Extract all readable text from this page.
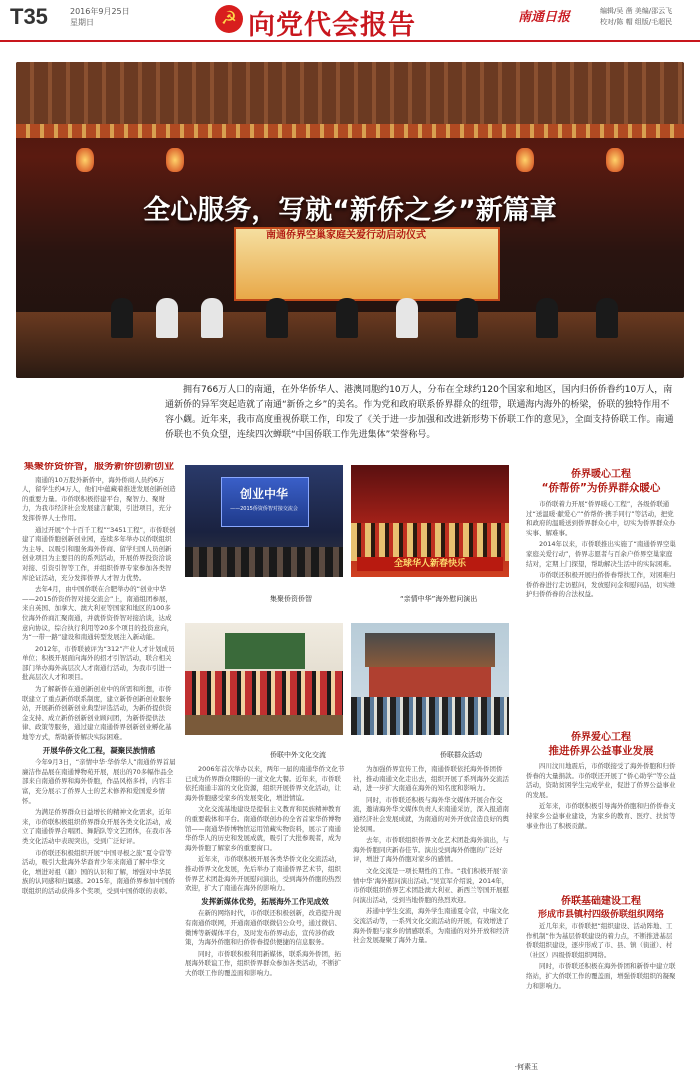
T35	2016年9月25日
星期日	☭ 向党代会报告	南通日报	编辑/吴 凿 美编/邵云飞
校对/陈 帽 组版/毛超民
全心服务，写就“新侨之乡”新篇章
南通侨界空巢家庭关爱行动启动仪式

拥有766万人口的南通，在外华侨华人、港澳同胞约10万人，分布在全球约120个国家和地区，国内归侨侨眷约10万人，南通新侨的异军突起造就了南通“新侨之乡”的美名。作为党和政府联系侨界群众的纽带，联通海内海外的桥梁，侨联的独特作用不容小觑。近年来，我市高度重视侨联工作，印发了《关于进一步加强和改进新形势下侨联工作的意见》，全面支持侨联工作。南通侨联也不负众望，连续四次蝉联“中国侨联工作先进集体”荣誉称号。

集聚侨资侨智，服务新侨创新创业

南通的10万股外新侨中，海外侨商人员约6万人，留学生约4万人，他们中蕴藏着推进发展创新创造的重要力量。市侨联积极搭建平台，聚智力、聚财力，为我市经济社会发展建言献策，引进项目，充分发挥侨界人士作用。

通过开展“个十百千工程”“3451工程”，市侨联创建了南通侨胞创新创业园，连续多年举办以侨联组织为主导、以吸引和服务海外侨商、留学归国人员创新创业项目为主要目的的系列活动，开展侨界投资洽谈对接、引资引智等工作，并组织侨界专家参加各类智库论证活动，充分发挥侨界人才智力优势。

去年4月，由中国侨联在合肥举办的“创业中华——2015侨资侨智对接交流会”上，南通组团参展，来自英国、加拿大、澳大利亚等国家和地区的100多位海外侨商汇聚南通，并就侨资侨智对接洽谈，达成意向协议，综合执行利用等20多个项目的投资意向，为“一带一路”建设和南通转型发展注入新动能。

2012年，市侨联被评为“312”产业人才计划成员单位；积极开展面向海外的招才引智活动，联合相关部门举办海外高层次人才南通行活动，为我市引进一批高层次人才和项目。

为了解新侨在通创新创业中的所需和所想，市侨联建立了重点新侨联系制度，建立新侨创新创业服务站，开展新侨创新创业典型评选活动，为新侨提供资金支持、成立新侨创新创业顾问团，为新侨提供法律、政策等服务，通过建立南通侨界创新创业孵化基地等方式，帮助新侨解决实际困难。

开展华侨文化工程，凝聚民族情感

今年9月3日，“亲情中华·华侨华人”南通侨界首届廉洁作品展在南通博物苑开展，展出的70多幅作品全部来自南通侨界和海外侨胞，作品风格多样，内容丰富，充分展示了侨界人士的艺术修养和爱国爱乡情怀。

为满足侨界群众日益增长的精神文化需求，近年来，市侨联积极组织侨界群众开展各类文化活动，成立了南通侨界合唱团、舞蹈队等文艺团体，在我市各类文化活动中表现突出，受到广泛好评。

市侨联还积极组织开展“中国寻根之旅”夏令营等活动，吸引大批海外华裔青少年来南通了解中华文化，增进对祖（籍）国的认识和了解，增强对中华民族的认同感和归属感。2015年，南通侨界参加中国侨联组织的活动获得多个奖项，受到中国侨联的表彰。

创业中华
——2015侨资侨智对接交流会
集聚侨资侨智
全球华人新春快乐
“亲情中华”海外慰问演出
侨联中外文化交流	侨联群众活动

2006年首次举办以来，两年一届的南通华侨文化节已成为侨界群众期盼的一道文化大餐。近年来，市侨联依托南通丰富的文化资源，组织开展侨界文化活动，让海外侨胞感受家乡的发展变化，增进情谊。

文化交流基地建设是提倡主义教育和民族精神教育的重要载体和平台。南通侨联创办的全省首家华侨博物馆——南通华侨博物馆运用馆藏实物资料，展示了南通华侨华人的历史和发展成就，吸引了大批参观者，成为海外侨胞了解家乡的重要窗口。

近年来，市侨联积极开展各类华侨文化交流活动，推动侨界文化发展，先后举办了南通侨界艺术节，组织侨界艺术团赴海外开展慰问演出，受到海外侨胞的热烈欢迎，扩大了南通在海外的影响力。

发挥新媒体优势，拓展海外工作见成效

在新的网络时代，市侨联还积极创新，改造提升现有南通侨联网，开通南通侨联微信公众号，通过微信、微博等新媒体平台，及时发布侨界动态，宣传涉侨政策，为海外侨胞和归侨侨眷提供便捷的信息服务。

同时，市侨联积极利用新媒体，联系海外侨团，拓展海外联谊工作，组织侨界群众参加各类活动，不断扩大侨联工作的覆盖面和影响力。

为加强侨界宣传工作，南通侨联依托海外侨团侨社，推动南通文化走出去，组织开展了系列海外交流活动，进一步扩大南通在海外的知名度和影响力。

同时，市侨联还积极与海外华文媒体开展合作交流，邀请海外华文媒体负责人来南通采访，深入报道南通经济社会发展成就，为南通的对外开放营造良好的舆论氛围。

去年，市侨联组织侨界文化艺术团赴海外演出，与海外侨胞同庆新春佳节。演出受到海外侨胞的广泛好评，增进了海外侨胞对家乡的感情。

文化交流是一项长期性的工作。“我们积极开展‘亲情中华’海外慰问演出活动。”吴宣军介绍说，2014年，市侨联组织侨界艺术团赴澳大利亚、新西兰等国开展慰问演出活动，受到当地侨胞的热烈欢迎。

苏通中学生交流，海外学生南通夏令营，中瑞文化交流活动等，一系列文化交流活动的开展，有效增进了海外侨胞与家乡的情感联系，为南通的对外开放和经济社会发展凝聚了海外力量。

·何素玉
侨界暖心工程
“侨帮侨”为侨界群众暖心

市侨联着力开展“侨界暖心工程”，各级侨联通过“送温暖·献爱心”“侨帮侨·携手同行”等活动，把党和政府的温暖送到侨界群众心中，切实为侨界群众办实事、解难事。

2014年以来，市侨联推出实施了“南通侨界空巢家庭关爱行动”，侨界志愿者与百余户侨界空巢家庭结对，定期上门探望，帮助解决生活中的实际困难。

市侨联还积极开展归侨侨眷帮扶工作，对困难归侨侨眷进行走访慰问，发放慰问金和慰问品，切实维护归侨侨眷的合法权益。

侨界爱心工程
推进侨界公益事业发展

四川汶川地震后，市侨联接受了海外侨胞和归侨侨眷的大量捐款。市侨联还开展了“侨心助学”等公益活动，资助贫困学生完成学业，促进了侨界公益事业的发展。

近年来，市侨联积极引导海外侨胞和归侨侨眷支持家乡公益事业建设，为家乡的教育、医疗、扶贫等事业作出了积极贡献。

侨联基础建设工程
形成市县镇村四级侨联组织网络

近几年来，市侨联把“组织建设、活动阵地、工作机制”作为基层侨联建设的着力点，不断推进基层侨联组织建设，逐步形成了市、县、镇（街道）、村（社区）四级侨联组织网络。

同时，市侨联还积极在海外侨团和新侨中建立联络站，扩大侨联工作的覆盖面，增强侨联组织的凝聚力和影响力。
